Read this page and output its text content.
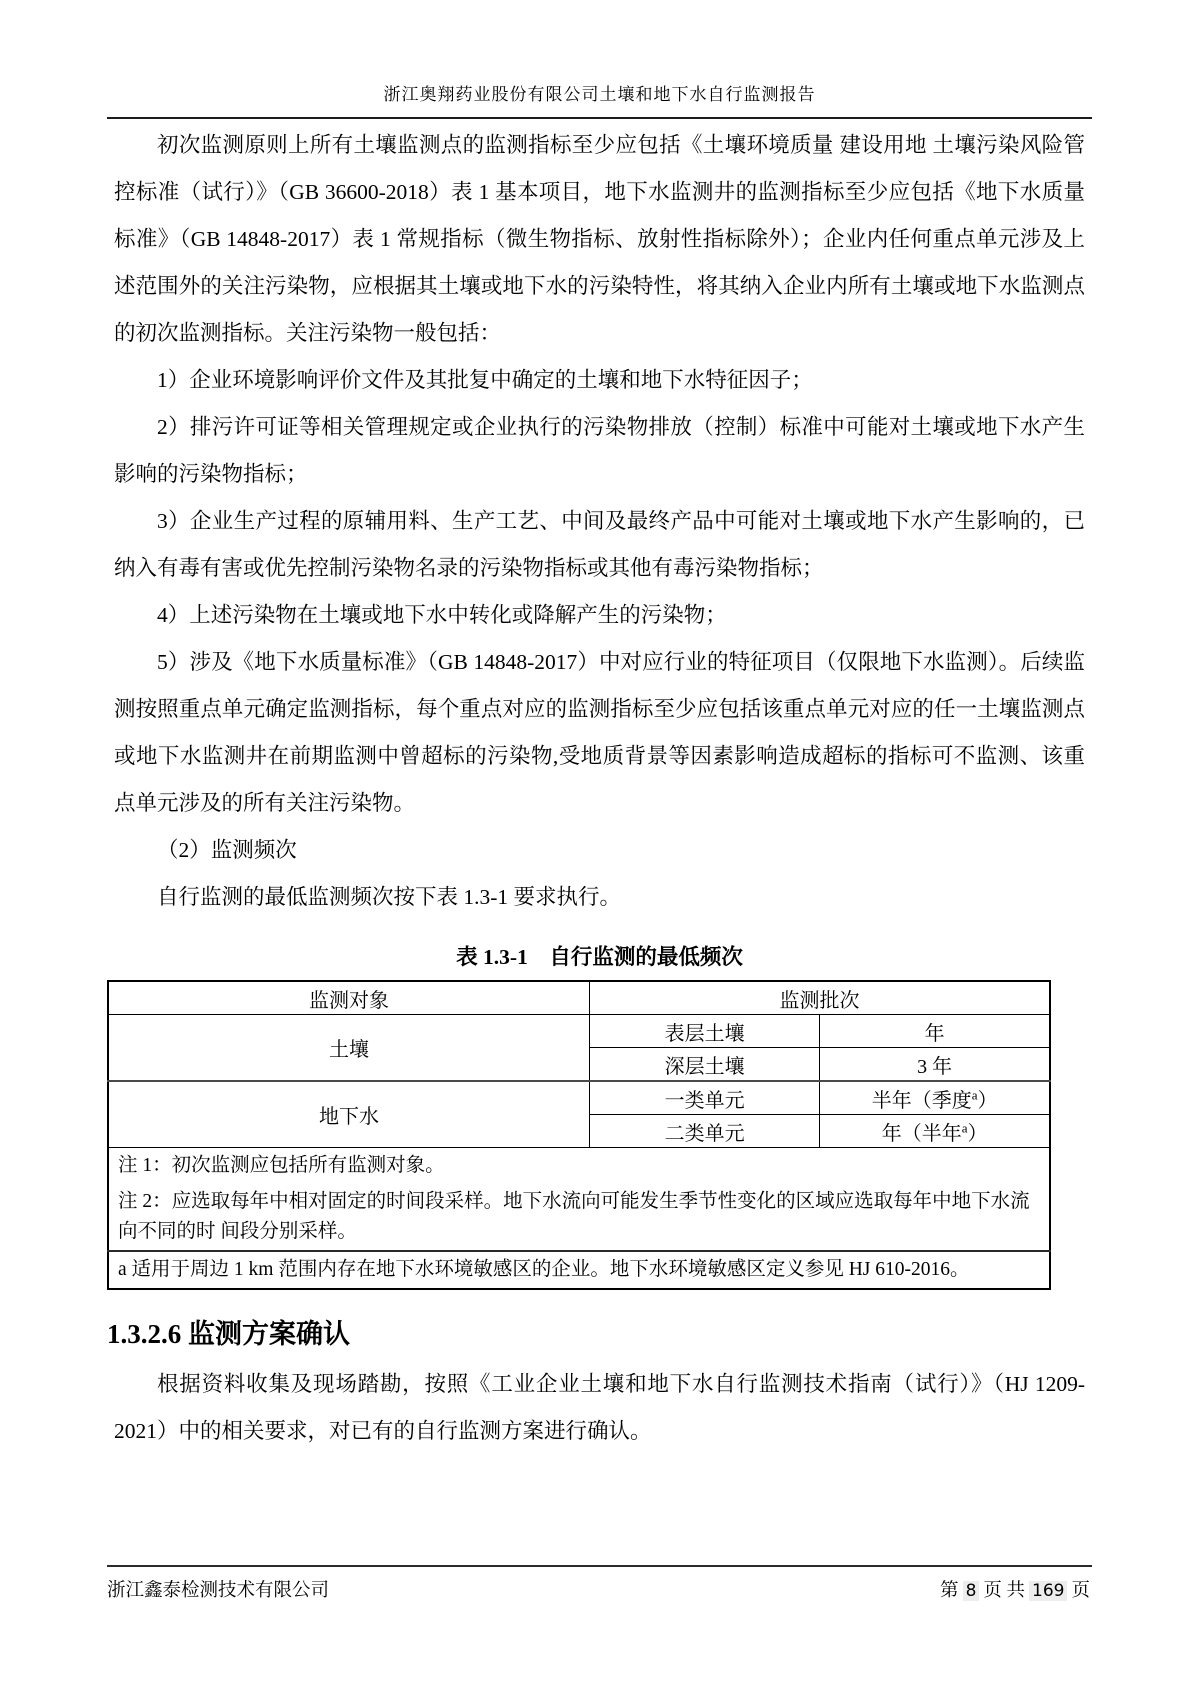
浙江奥翔药业股份有限公司土壤和地下水自行监测报告

初次监测原则上所有土壤监测点的监测指标至少应包括《土壤环境质量 建设用地 土壤污染风险管控标准（试行）》（GB 36600-2018）表 1 基本项目，地下水监测井的监测指标至少应包括《地下水质量标准》（GB 14848-2017）表 1 常规指标（微生物指标、放射性指标除外）；企业内任何重点单元涉及上述范围外的关注污染物，应根据其土壤或地下水的污染特性，将其纳入企业内所有土壤或地下水监测点的初次监测指标。关注污染物一般包括：

1）企业环境影响评价文件及其批复中确定的土壤和地下水特征因子；

2）排污许可证等相关管理规定或企业执行的污染物排放（控制）标准中可能对土壤或地下水产生影响的污染物指标；

3）企业生产过程的原辅用料、生产工艺、中间及最终产品中可能对土壤或地下水产生影响的，已纳入有毒有害或优先控制污染物名录的污染物指标或其他有毒污染物指标；

4）上述污染物在土壤或地下水中转化或降解产生的污染物；

5）涉及《地下水质量标准》（GB 14848-2017）中对应行业的特征项目（仅限地下水监测）。后续监测按照重点单元确定监测指标，每个重点对应的监测指标至少应包括该重点单元对应的任一土壤监测点或地下水监测井在前期监测中曾超标的污染物,受地质背景等因素影响造成超标的指标可不监测、该重点单元涉及的所有关注污染物。

（2）监测频次

自行监测的最低监测频次按下表 1.3-1 要求执行。

表 1.3-1　自行监测的最低频次
监测对象	监测批次	
土壤	表层土壤	年
	深层土壤	3 年
地下水	一类单元	半年（季度$^a$）
	二类单元	年（半年$^a$）
注 1：初次监测应包括所有监测对象。		
注 2：应选取每年中相对固定的时间段采样。地下水流向可能发生季节性变化的区域应选取每年中地下水流向不同的时 间段分别采样。		
a 适用于周边 1 km 范围内存在地下水环境敏感区的企业。地下水环境敏感区定义参见 HJ 610-2016。		
1.3.2.6 监测方案确认

根据资料收集及现场踏勘，按照《工业企业土壤和地下水自行监测技术指南（试行）》（HJ 1209-2021）中的相关要求，对已有的自行监测方案进行确认。

浙江鑫泰检测技术有限公司	第 8 页 共 169 页
